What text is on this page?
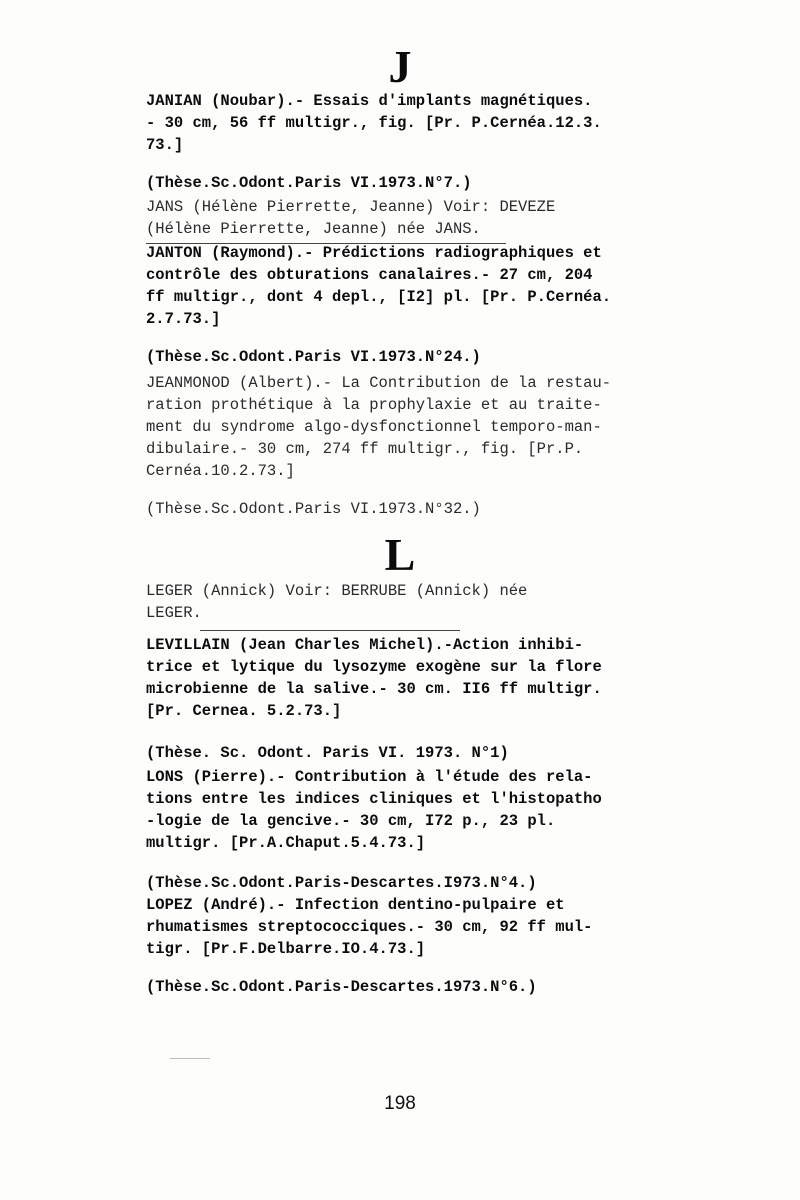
J

JANIAN (Noubar).- Essais d'implants magnétiques.

- 30 cm, 56 ff multigr., fig. [Pr. P.Cernéa.12.3.

73.]

(Thèse.Sc.Odont.Paris VI.1973.N°7.)

JANS (Hélène Pierrette, Jeanne) Voir: DEVEZE

(Hélène Pierrette, Jeanne) née JANS.

JANTON (Raymond).- Prédictions radiographiques et

contrôle des obturations canalaires.- 27 cm, 204

ff multigr., dont 4 depl., [I2] pl. [Pr. P.Cernéa.

2.7.73.]

(Thèse.Sc.Odont.Paris VI.1973.N°24.)

JEANMONOD (Albert).- La Contribution de la restau-

ration prothétique à la prophylaxie et au traite-

ment du syndrome algo-dysfonctionnel temporo-man-

dibulaire.- 30 cm, 274 ff multigr., fig. [Pr.P.

Cernéa.10.2.73.]

(Thèse.Sc.Odont.Paris VI.1973.N°32.)

LEGER (Annick) Voir: BERRUBE (Annick) née

LEGER.

LEVILLAIN (Jean Charles Michel).-Action inhibi-

trice et lytique du lysozyme exogène sur la flore

microbienne de la salive.- 30 cm. II6 ff multigr.

[Pr. Cernea. 5.2.73.]

(Thèse. Sc. Odont. Paris VI. 1973. N°1)

LONS (Pierre).- Contribution à l'étude des rela-

tions entre les indices cliniques et l'histopatho

-logie de la gencive.- 30 cm, I72 p., 23 pl.

multigr. [Pr.A.Chaput.5.4.73.]

(Thèse.Sc.Odont.Paris-Descartes.I973.N°4.)

LOPEZ (André).- Infection dentino-pulpaire et

rhumatismes streptococciques.- 30 cm, 92 ff mul-

tigr. [Pr.F.Delbarre.IO.4.73.]

(Thèse.Sc.Odont.Paris-Descartes.1973.N°6.)

L
198
